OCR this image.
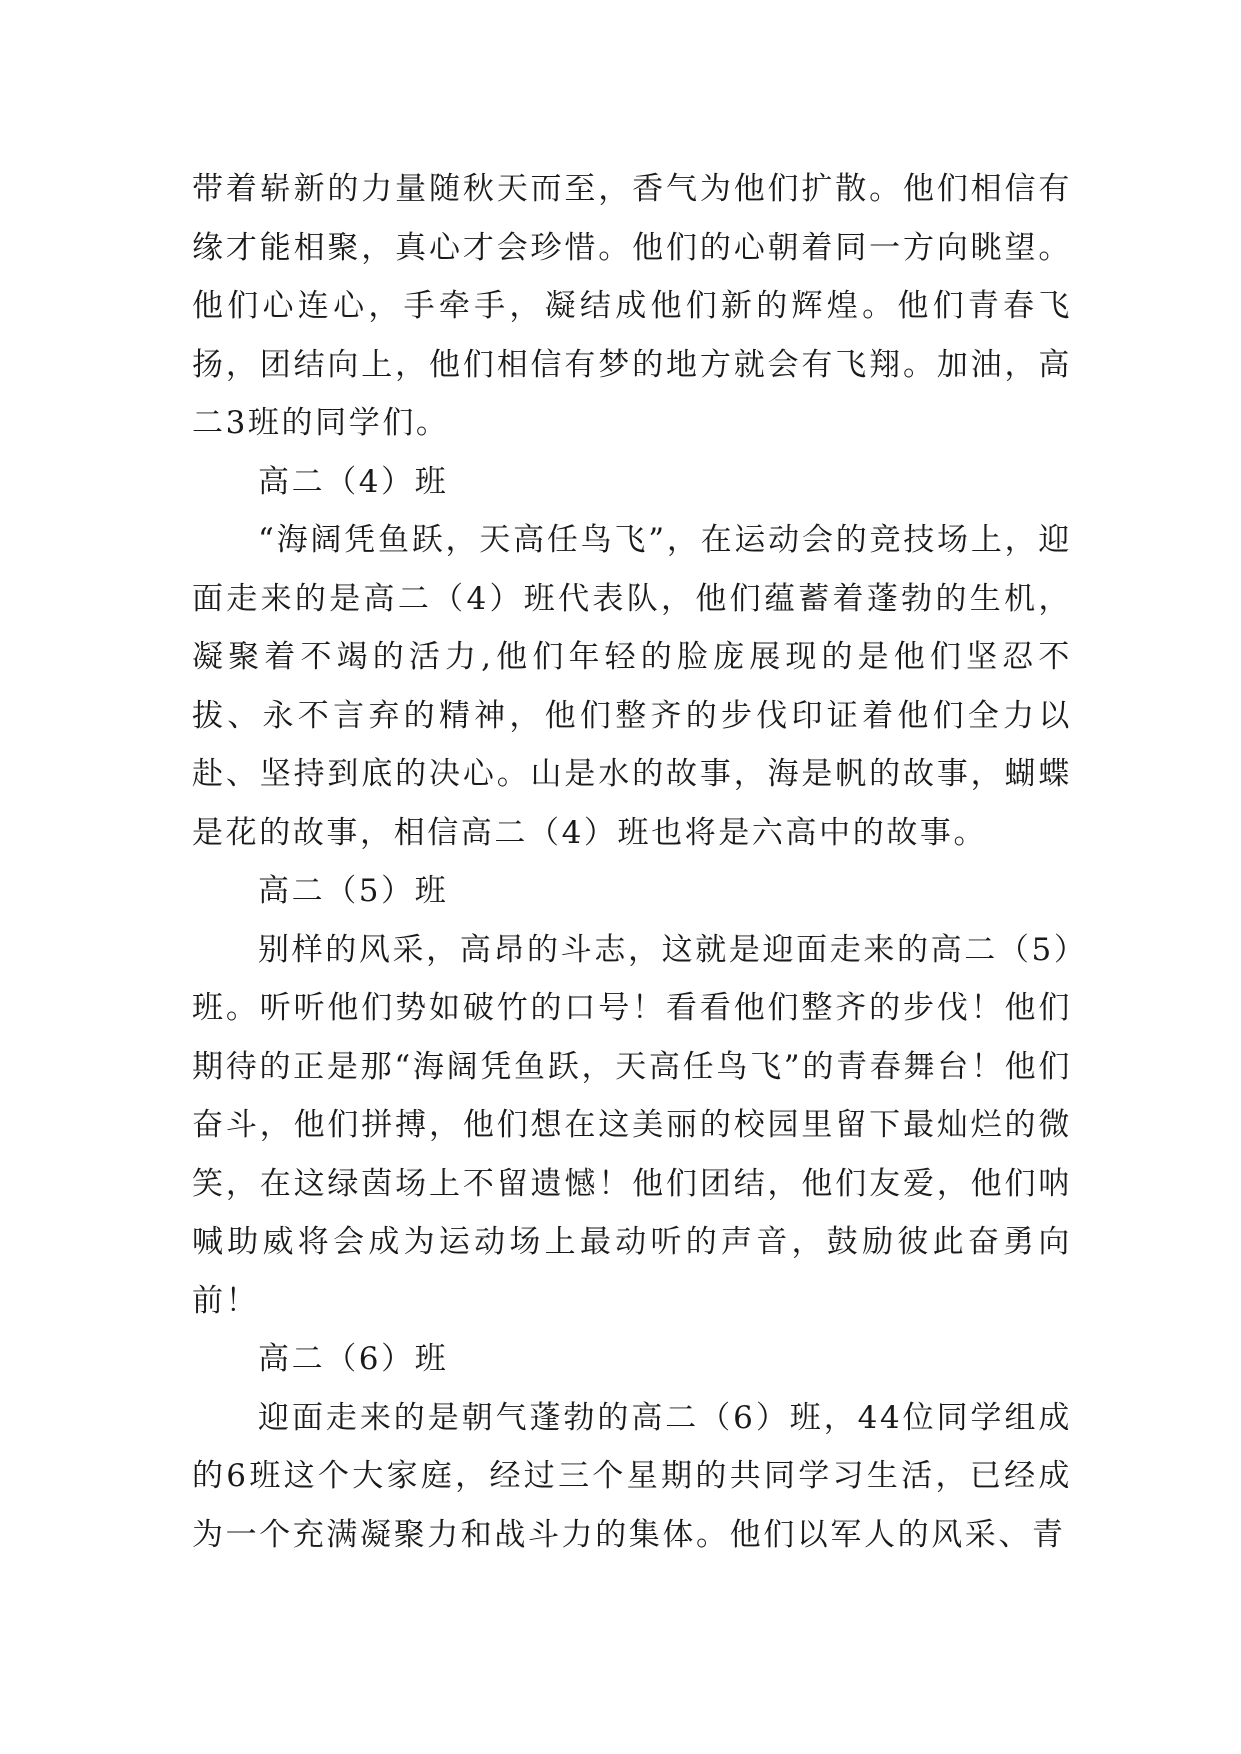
带着崭新的力量随秋天而至，香气为他们扩散。他们相信有缘才能相聚，真心才会珍惜。他们的心朝着同一方向眺望。他们心连心，手牵手，凝结成他们新的辉煌。他们青春飞扬，团结向上，他们相信有梦的地方就会有飞翔。加油，高二3班的同学们。

高二（4）班

“海阔凭鱼跃，天高任鸟飞”，在运动会的竞技场上，迎面走来的是高二（4）班代表队，他们蕴蓄着蓬勃的生机，凝聚着不竭的活力,他们年轻的脸庞展现的是他们坚忍不拔、永不言弃的精神，他们整齐的步伐印证着他们全力以赴、坚持到底的决心。山是水的故事，海是帆的故事，蝴蝶是花的故事，相信高二（4）班也将是六高中的故事。

高二（5）班

别样的风采，高昂的斗志，这就是迎面走来的高二（5）班。听听他们势如破竹的口号！看看他们整齐的步伐！他们期待的正是那“海阔凭鱼跃，天高任鸟飞”的青春舞台！他们奋斗，他们拼搏，他们想在这美丽的校园里留下最灿烂的微笑，在这绿茵场上不留遗憾！他们团结，他们友爱，他们呐喊助威将会成为运动场上最动听的声音，鼓励彼此奋勇向前！

高二（6）班

迎面走来的是朝气蓬勃的高二（6）班，44位同学组成的6班这个大家庭，经过三个星期的共同学习生活，已经成为一个充满凝聚力和战斗力的集体。他们以军人的风采、青
